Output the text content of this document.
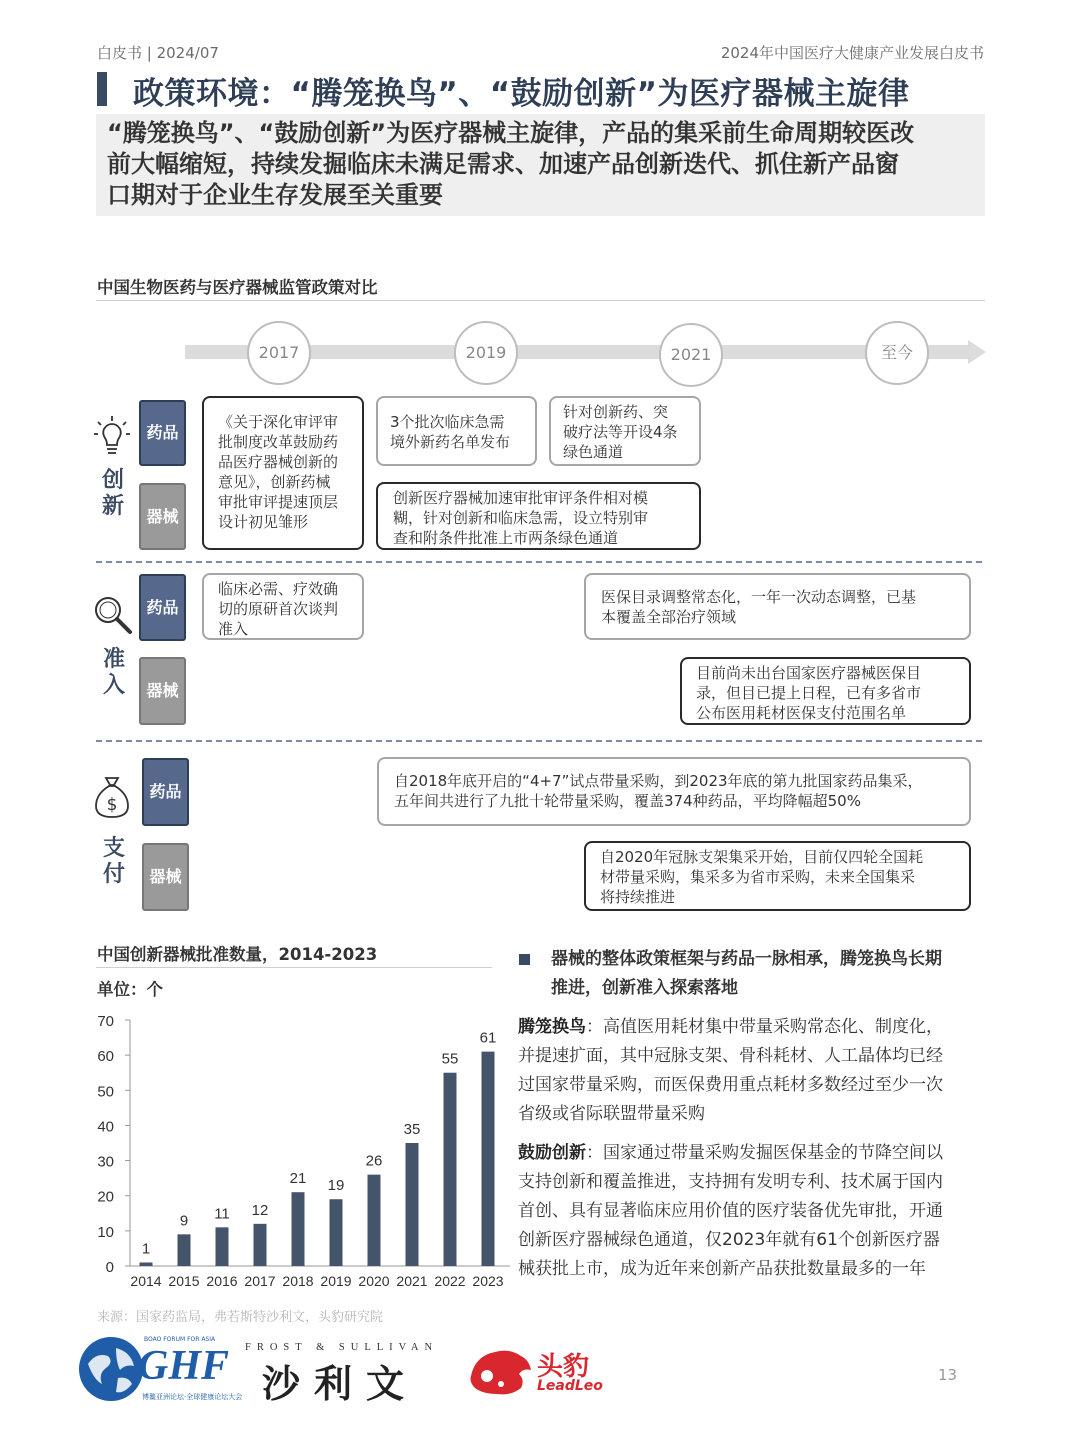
白皮书 | 2024/07	2024年中国医疗大健康产业发展白皮书
政策环境：“腾笼换鸟”、“鼓励创新”为医疗器械主旋律
“腾笼换鸟”、“鼓励创新”为医疗器械主旋律，产品的集采前生命周期较医改
前大幅缩短，持续发掘临床未满足需求、加速产品创新迭代、抓住新产品窗
口期对于企业生存发展至关重要
中国生物医药与医疗器械监管政策对比
2017	2019	2021	至今
创新
药品
器械
《关于深化审评审
批制度改革鼓励药
品医疗器械创新的
意见》，创新药械
审批审评提速顶层
设计初见雏形
3个批次临床急需
境外新药名单发布
针对创新药、突
破疗法等开设4条
绿色通道
创新医疗器械加速审批审评条件相对模
糊，针对创新和临床急需，设立特别审
查和附条件批准上市两条绿色通道
准入
药品
器械
临床必需、疗效确
切的原研首次谈判
准入
医保目录调整常态化，一年一次动态调整，已基
本覆盖全部治疗领域
目前尚未出台国家医疗器械医保目
录，但目已提上日程，已有多省市
公布医用耗材医保支付范围名单
$
支付
药品
器械
自2018年底开启的“4+7”试点带量采购，到2023年底的第九批国家药品集采，
五年间共进行了九批十轮带量采购，覆盖374种药品，平均降幅超50%
自2020年冠脉支架集采开始，目前仅四轮全国耗
材带量采购，集采多为省市采购，未来全国集采
将持续推进
中国创新器械批准数量，2014-2023
单位：个
0
10
20
30
40
50
60
70
1
2014
9
2015
11
2016
12
2017
21
2018
19
2019
26
2020
35
2021
55
2022
61
2023
器械的整体政策框架与药品一脉相承，腾笼换鸟长期
推进，创新准入探索落地
腾笼换鸟：高值医用耗材集中带量采购常态化、制度化，
并提速扩面，其中冠脉支架、骨科耗材、人工晶体均已经
过国家带量采购，而医保费用重点耗材多数经过至少一次
省级或省际联盟带量采购
鼓励创新：国家通过带量采购发掘医保基金的节降空间以
支持创新和覆盖推进，支持拥有发明专利、技术属于国内
首创、具有显著临床应用价值的医疗装备优先审批，开通
创新医疗器械绿色通道，仅2023年就有61个创新医疗器
械获批上市，成为近年来创新产品获批数量最多的一年
来源：国家药监局，弗若斯特沙利文，头豹研究院
BOAO FORUM FOR ASIA
GHF
博鳌亚洲论坛·全球健康论坛大会
FROST & SULLIVAN
沙利文	头豹
LeadLeo
13
